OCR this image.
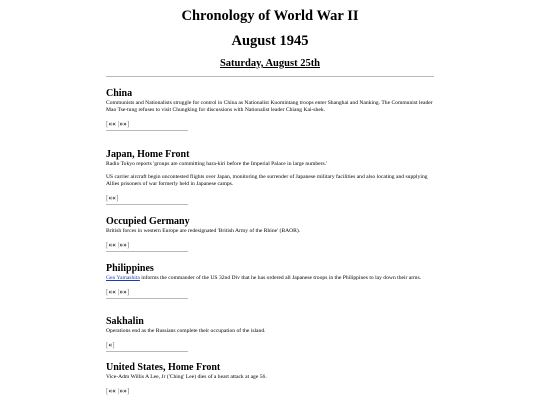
Chronology of World War II
August 1945
Saturday, August 25th
China

Communists and Nationalists struggle for control in China as Nationalist Kuomintang troops enter Shanghai and Nanking. The Communist leader Mao Tse-tung refuses to visit Chungking for discussions with Nationalist leader Chiang Kai-shek.

[«« |»»]
Japan, Home Front

Radio Tokyo reports 'groups are committing hara-kiri before the Imperial Palace in large numbers.'

US carrier aircraft begin uncontested flights over Japan, monitoring the surrender of Japanese military facilities and also locating and supplying Allies prisoners of war formerly held in Japanese camps.

[««]
Occupied Germany

British forces in western Europe are redesignated 'British Army of the Rhine' (BAOR).

[«« |»»]
Philippines

Gen Yamashita informs the commander of the US 32nd Div that he has ordered all Japanese troops in the Philippines to lay down their arms.

[«« |»»]
Sakhalin

Operations end as the Russians complete their occupation of the island.

[«]
United States, Home Front

Vice-Adm Willis A Lee, Jr ('Ching' Lee) dies of a heart attack at age 56.

[«« |»»]
